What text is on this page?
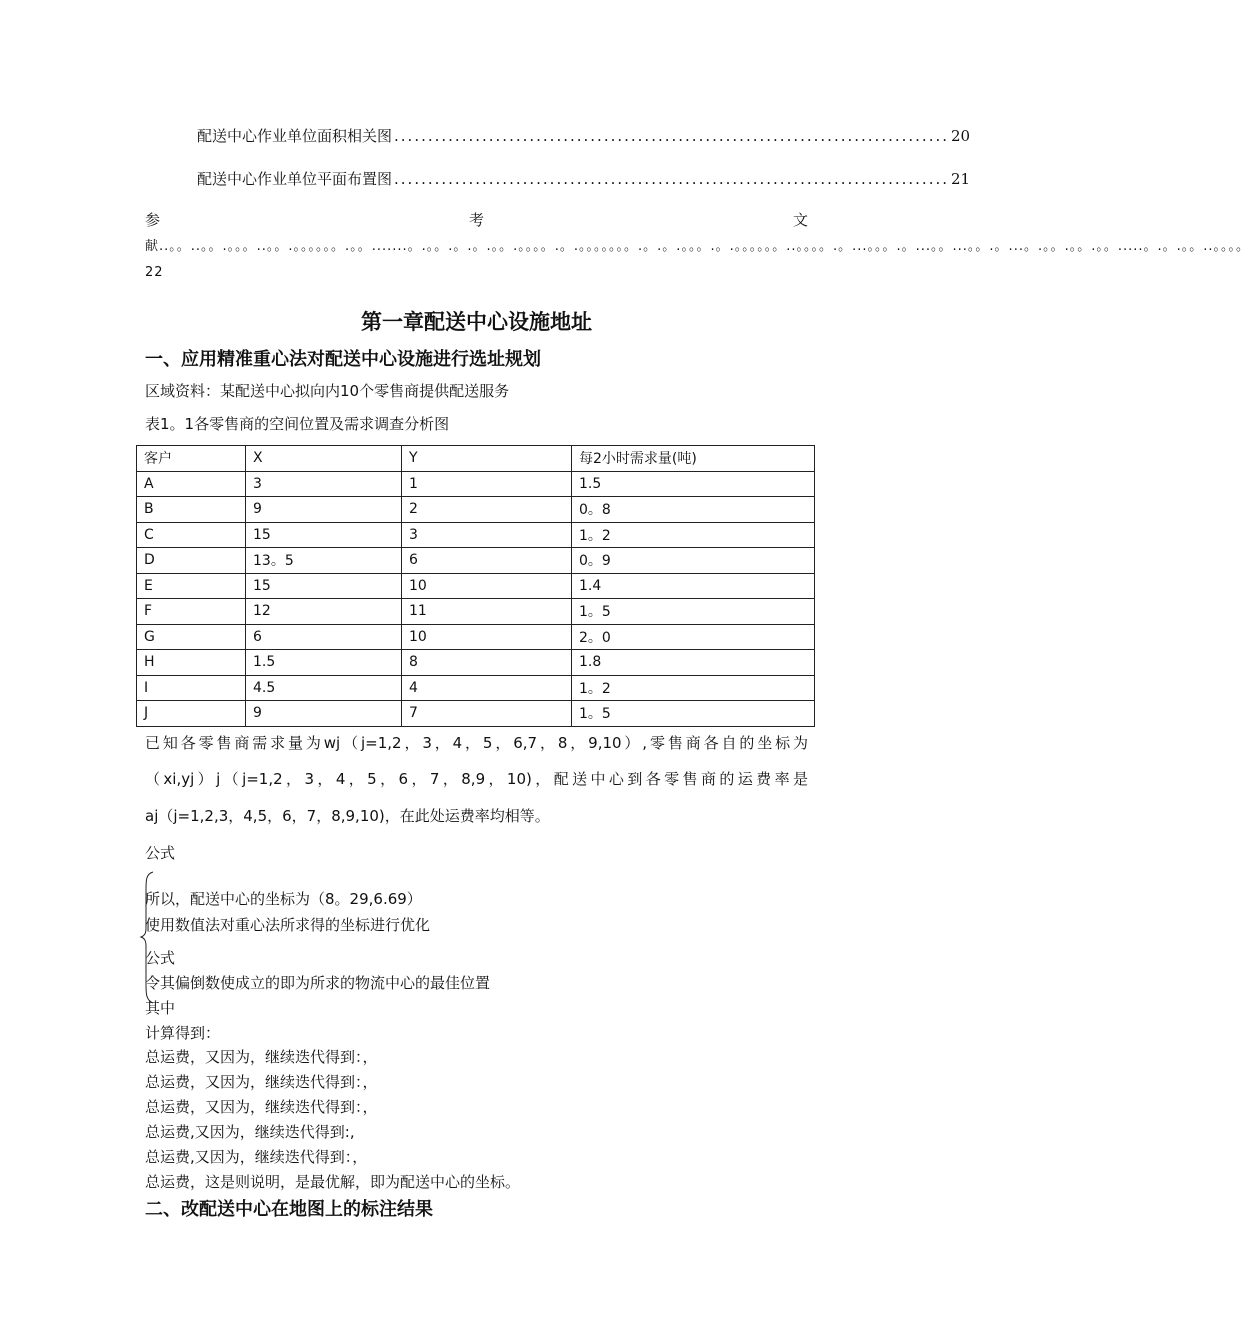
配送中心作业单位面积相关图 .................................................................................. 20
配送中心作业单位平面布置图 .................................................................................. 21
参	考	文
献..。。..。。.。。。..。。.。。。。。。.。。.......。.。。.。.。.。。.。。。。.。.。。。。。。。.。.。.。。。.。.。。。。。。..。。。。.。...。。。.。...。。...。。.。...。.。。.。。.。。.....。.。.。。..。。。。22
第一章配送中心设施地址
一、应用精准重心法对配送中心设施进行选址规划
区域资料：某配送中心拟向内10个零售商提供配送服务
表1。1各零售商的空间位置及需求调查分析图
客户	X	Y	每2小时需求量(吨)
A	3	1	1.5
B	9	2	0。8
C	15	3	1。2
D	13。5	6	0。9
E	15	10	1.4
F	12	11	1。5
G	6	10	2。0
H	1.5	8	1.8
I	4.5	4	1。2
J	9	7	1。5
已知各零售商需求量为wj（j=1,2，3，4，5，6,7，8，9,10）,零售商各自的坐标为
（xi,yj）j（j=1,2，3，4，5，6，7，8,9，10)，配送中心到各零售商的运费率是
aj（j=1,2,3，4,5，6，7，8,9,10)，在此处运费率均相等。
公式
所以，配送中心的坐标为（8。29,6.69）
使用数值法对重心法所求得的坐标进行优化
公式
令其偏倒数使成立的即为所求的物流中心的最佳位置
其中
计算得到：
总运费，又因为，继续迭代得到：，
总运费，又因为，继续迭代得到：，
总运费，又因为，继续迭代得到：，
总运费,又因为，继续迭代得到:,
总运费,又因为，继续迭代得到：，
总运费，这是则说明，是最优解，即为配送中心的坐标。
二、改配送中心在地图上的标注结果
